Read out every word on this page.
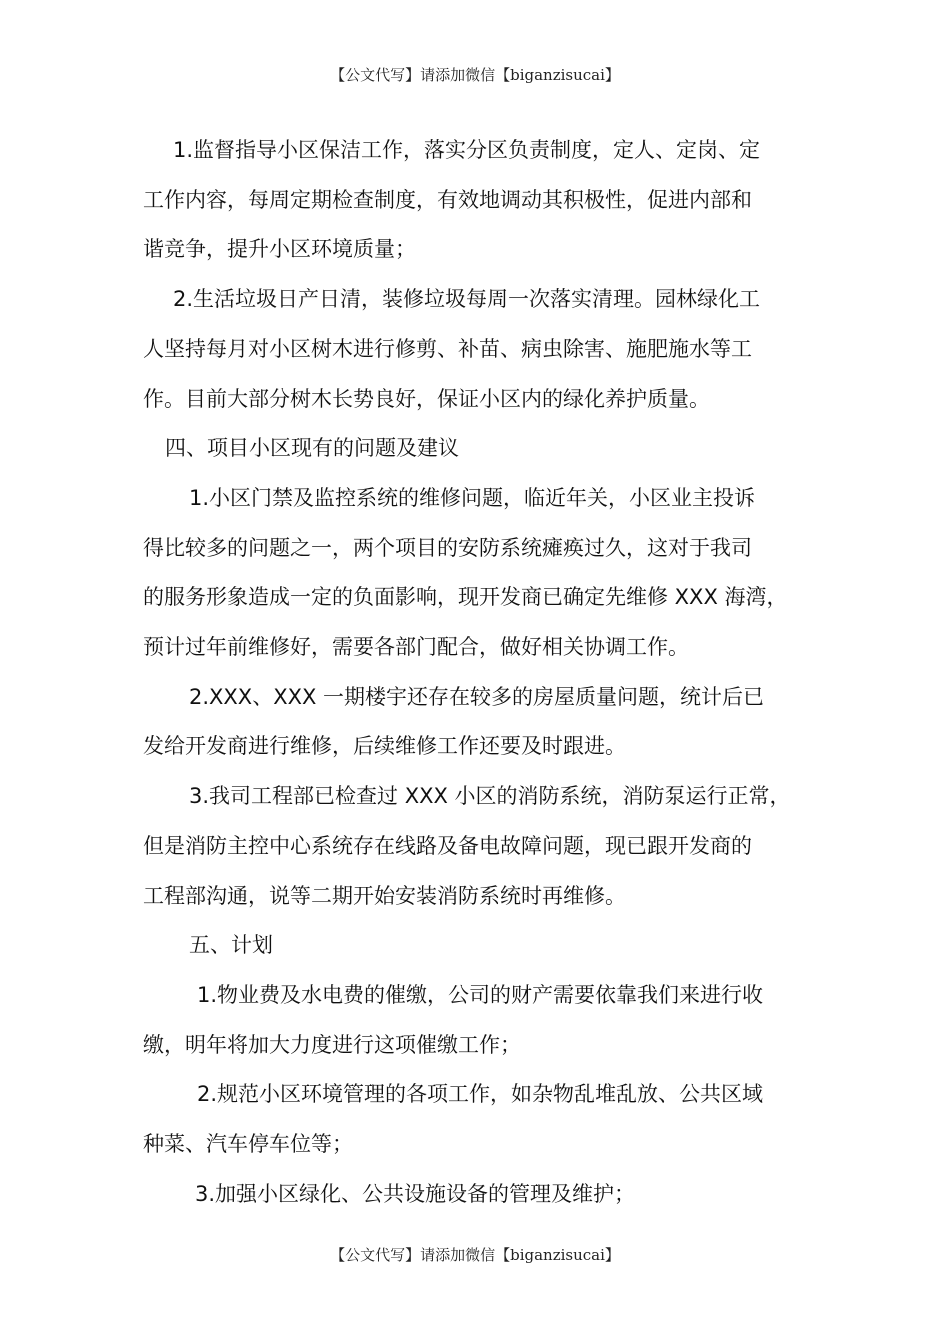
【公文代写】请添加微信【biganzisucai】

1.监督指导小区保洁工作，落实分区负责制度，定人、定岗、定

工作内容，每周定期检查制度，有效地调动其积极性，促进内部和

谐竞争，提升小区环境质量；

2.生活垃圾日产日清，装修垃圾每周一次落实清理。园林绿化工

人坚持每月对小区树木进行修剪、补苗、病虫除害、施肥施水等工

作。目前大部分树木长势良好，保证小区内的绿化养护质量。

四、项目小区现有的问题及建议

1.小区门禁及监控系统的维修问题，临近年关，小区业主投诉

得比较多的问题之一，两个项目的安防系统瘫痪过久，这对于我司

的服务形象造成一定的负面影响，现开发商已确定先维修 XXX 海湾，

预计过年前维修好，需要各部门配合，做好相关协调工作。

2.XXX、XXX 一期楼宇还存在较多的房屋质量问题，统计后已

发给开发商进行维修，后续维修工作还要及时跟进。

3.我司工程部已检查过 XXX 小区的消防系统，消防泵运行正常，

但是消防主控中心系统存在线路及备电故障问题，现已跟开发商的

工程部沟通，说等二期开始安装消防系统时再维修。

五、计划

1.物业费及水电费的催缴，公司的财产需要依靠我们来进行收

缴，明年将加大力度进行这项催缴工作；

2.规范小区环境管理的各项工作，如杂物乱堆乱放、公共区域

种菜、汽车停车位等；

3.加强小区绿化、公共设施设备的管理及维护；

【公文代写】请添加微信【biganzisucai】
